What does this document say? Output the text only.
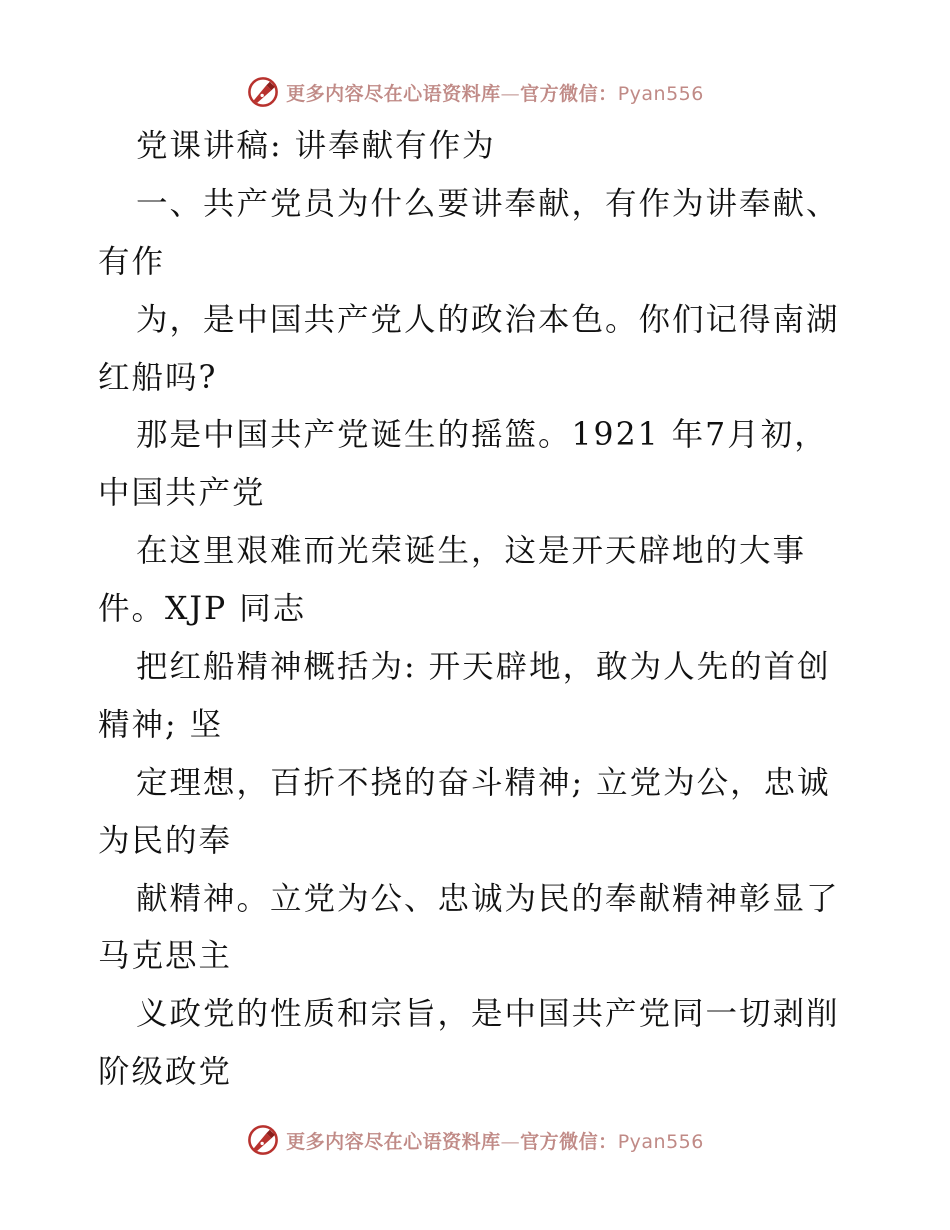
更多内容尽在心语资料库—官方微信：Pyan556
党课讲稿: 讲奉献有作为
一、共产党员为什么要讲奉献，有作为讲奉献、
有作
为，是中国共产党人的政治本色。你们记得南湖
红船吗?
那是中国共产党诞生的摇篮。1921 年7月初，
中国共产党
在这里艰难而光荣诞生，这是开天辟地的大事
件。XJP 同志
把红船精神概括为: 开天辟地，敢为人先的首创
精神; 坚
定理想，百折不挠的奋斗精神; 立党为公，忠诚
为民的奉
献精神。立党为公、忠诚为民的奉献精神彰显了
马克思主
义政党的性质和宗旨，是中国共产党同一切剥削
阶级政党
更多内容尽在心语资料库—官方微信：Pyan556
